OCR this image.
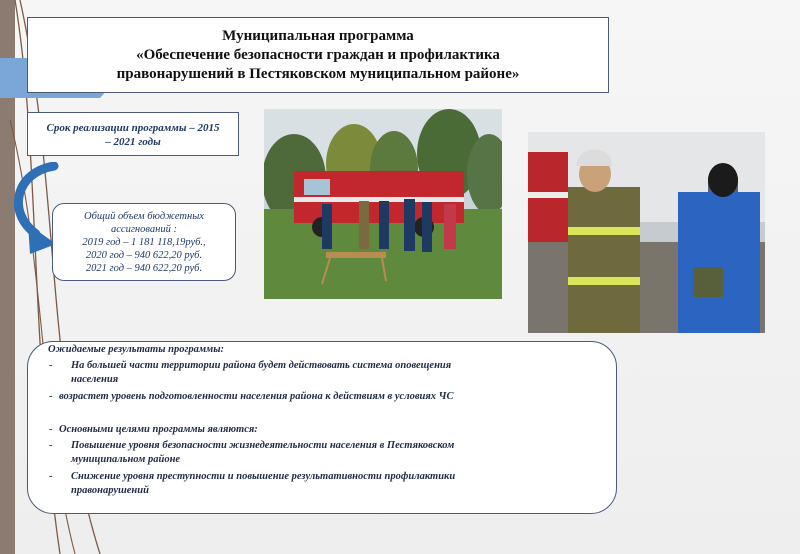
Муниципальная программа
«Обеспечение безопасности граждан и профилактика
правонарушений в Пестяковском муниципальном районе»
Срок реализации программы – 2015
– 2021 годы
Общий объем бюджетных
ассигнований :
2019 год – 1 181 118,19руб.,
2020 год – 940 622,20 руб.
2021 год – 940 622,20 руб.
Ожидаемые результаты программы:
- На большей части территории района будет действовать система оповещения
населения
- возрастет уровень подготовленности населения района к действиям в условиях ЧС
- Основными целями программы являются:
- Повышение уровня безопасности жизнедеятельности населения в Пестяковском
муниципальном районе
- Снижение уровня преступности и повышение результативности профилактики
правонарушений
